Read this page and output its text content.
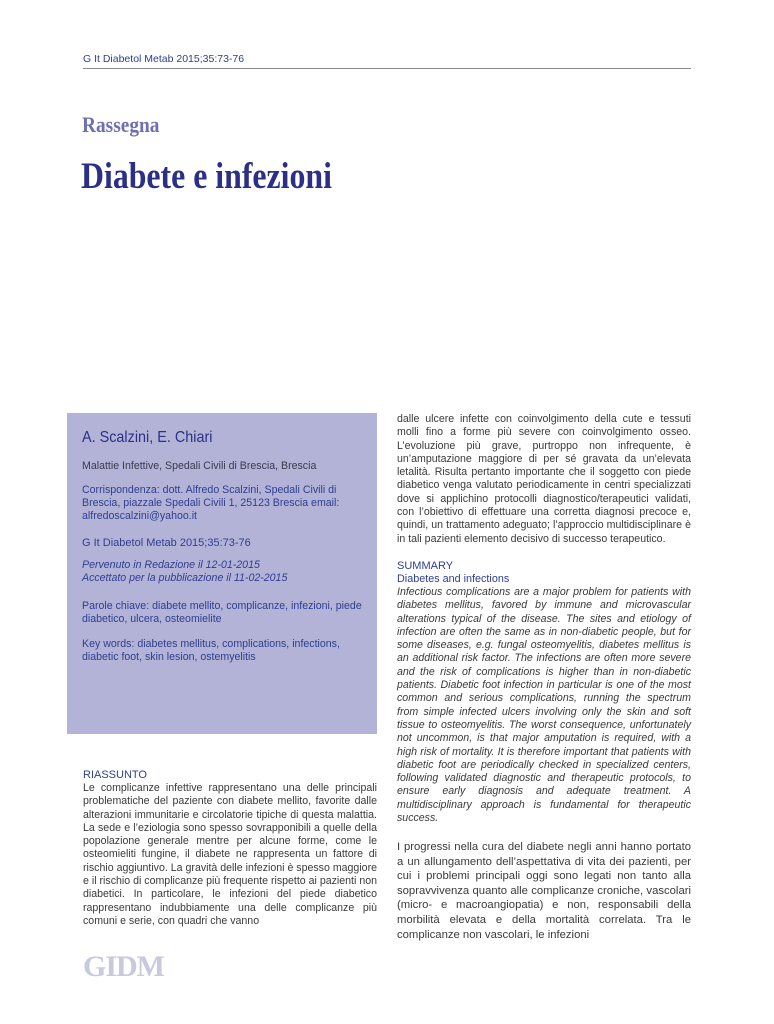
G It Diabetol Metab 2015;35:73-76
Rassegna
Diabete e infezioni
A. Scalzini, E. Chiari
Malattie Infettive, Spedali Civili di Brescia, Brescia
Corrispondenza: dott. Alfredo Scalzini, Spedali Civili di Brescia, piazzale Spedali Civili 1, 25123 Brescia email: alfredoscalzini@yahoo.it
G It Diabetol Metab 2015;35:73-76
Pervenuto in Redazione il 12-01-2015
Accettato per la pubblicazione il 11-02-2015
Parole chiave: diabete mellito, complicanze, infezioni, piede diabetico, ulcera, osteomielite
Key words: diabetes mellitus, complications, infections, diabetic foot, skin lesion, ostemyelitis
RIASSUNTO
Le complicanze infettive rappresentano una delle principali problematiche del paziente con diabete mellito, favorite dalle alterazioni immunitarie e circolatorie tipiche di questa malattia. La sede e l’eziologia sono spesso sovrapponibili a quelle della popolazione generale mentre per alcune forme, come le osteomieliti fungine, il diabete ne rappresenta un fattore di rischio aggiuntivo. La gravità delle infezioni è spesso maggiore e il rischio di complicanze più frequente rispetto ai pazienti non diabetici. In particolare, le infezioni del piede diabetico rappresentano indubbiamente una delle complicanze più comuni e serie, con quadri che vanno
dalle ulcere infette con coinvolgimento della cute e tessuti molli fino a forme più severe con coinvolgimento osseo. L’evoluzione più grave, purtroppo non infrequente, è un’amputazione maggiore di per sé gravata da un’elevata letalità. Risulta pertanto importante che il soggetto con piede diabetico venga valutato periodicamente in centri specializzati dove si applichino protocolli diagnostico/terapeutici validati, con l’obiettivo di effettuare una corretta diagnosi precoce e, quindi, un trattamento adeguato; l’approccio multidisciplinare è in tali pazienti elemento decisivo di successo terapeutico.
SUMMARY
Diabetes and infections
Infectious complications are a major problem for patients with diabetes mellitus, favored by immune and microvascular alterations typical of the disease. The sites and etiology of infection are often the same as in non-diabetic people, but for some diseases, e.g. fungal osteomyelitis, diabetes mellitus is an additional risk factor. The infections are often more severe and the risk of complications is higher than in non-diabetic patients. Diabetic foot infection in particular is one of the most common and serious complications, running the spectrum from simple infected ulcers involving only the skin and soft tissue to osteomyelitis. The worst consequence, unfortunately not uncommon, is that major amputation is required, with a high risk of mortality. It is therefore important that patients with diabetic foot are periodically checked in specialized centers, following validated diagnostic and therapeutic protocols, to ensure early diagnosis and adequate treatment. A multidisciplinary approach is fundamental for therapeutic success.
I progressi nella cura del diabete negli anni hanno portato a un allungamento dell’aspettativa di vita dei pazienti, per cui i problemi principali oggi sono legati non tanto alla sopravvivenza quanto alle complicanze croniche, vascolari (micro- e macroangiopatia) e non, responsabili della morbilità elevata e della mortalità correlata. Tra le complicanze non vascolari, le infezioni
GIDM
